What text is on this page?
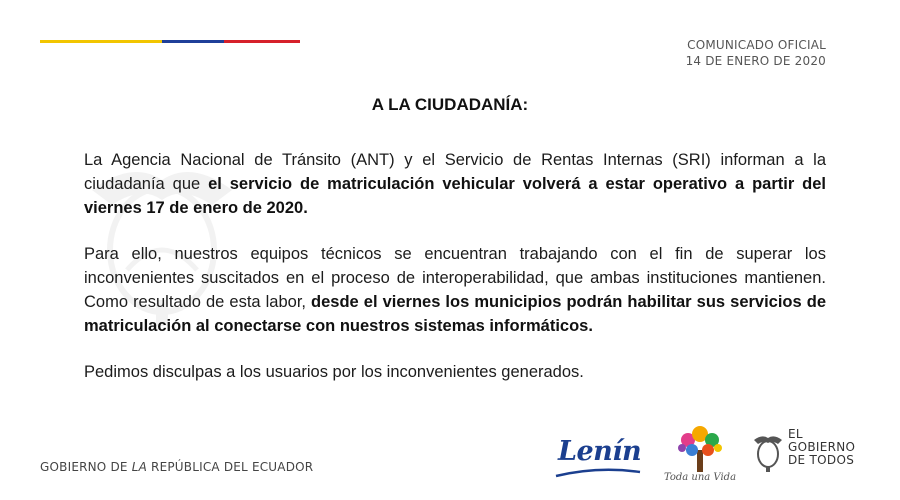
COMUNICADO OFICIAL
14 DE ENERO DE 2020
A LA CIUDADANÍA:

La Agencia Nacional de Tránsito (ANT) y el Servicio de Rentas Internas (SRI) informan a la ciudadanía que el servicio de matriculación vehicular volverá a estar operativo a partir del viernes 17 de enero de 2020.

Para ello, nuestros equipos técnicos se encuentran trabajando con el fin de superar los inconvenientes suscitados en el proceso de interoperabilidad, que ambas instituciones mantienen. Como resultado de esta labor, desde el viernes los municipios podrán habilitar sus servicios de matriculación al conectarse con nuestros sistemas informáticos.

Pedimos disculpas a los usuarios por los inconvenientes generados.

GOBIERNO DE LA REPÚBLICA DEL ECUADOR	Lenín
Toda una Vida
EL
GOBIERNO
DE TODOS
